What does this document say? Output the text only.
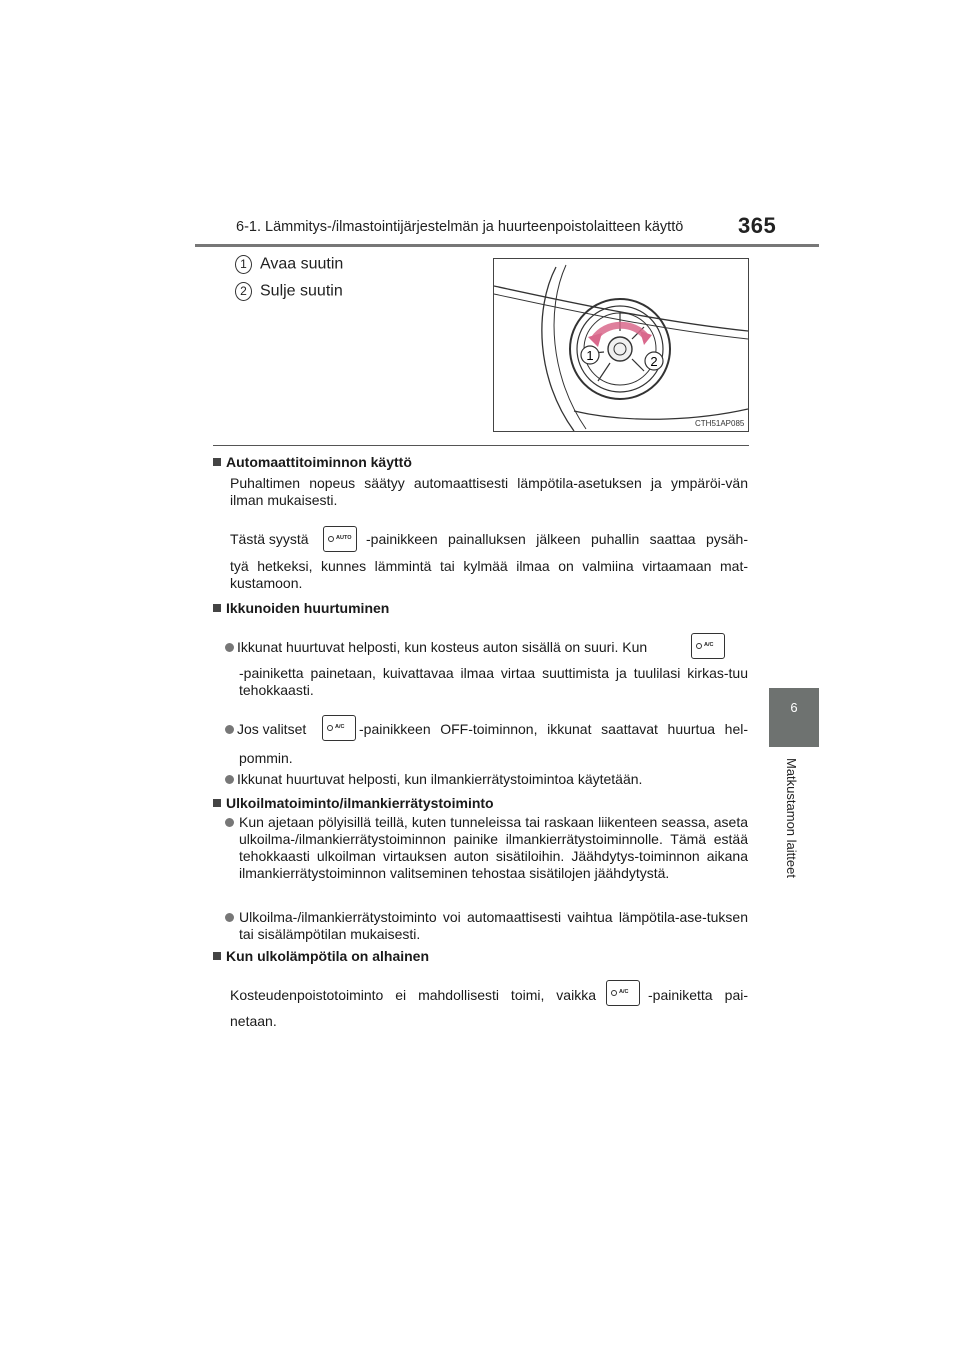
6-1. Lämmitys-/ilmastointijärjestelmän ja huurteenpoistolaitteen käyttö 365
6
Matkustamon laitteet
1 Avaa suutin
2 Sulje suutin
1	2
CTH51AP085
Automaattitoiminnon käyttö
Puhaltimen nopeus säätyy automaattisesti lämpötila-asetuksen ja ympäröi-vän ilman mukaisesti.
Tästä syystä	AUTO -painikkeen painalluksen jälkeen puhallin saattaa pysäh-
tyä hetkeksi, kunnes lämmintä tai kylmää ilmaa on valmiina virtaamaan mat-kustamoon.
Ikkunoiden huurtuminen
Ikkunat huurtuvat helposti, kun kosteus auton sisällä on suuri. Kun	A/C
-painiketta painetaan, kuivattavaa ilmaa virtaa suuttimista ja tuulilasi kirkas-tuu tehokkaasti.
Jos valitset	A/C -painikkeen OFF-toiminnon, ikkunat saattavat huurtua hel-
pommin.
Ikkunat huurtuvat helposti, kun ilmankierrätystoimintoa käytetään.
Ulkoilmatoiminto/ilmankierrätystoiminto
Kun ajetaan pölyisillä teillä, kuten tunneleissa tai raskaan liikenteen seassa, aseta ulkoilma-/ilmankierrätystoiminnon painike ilmankierrätystoiminnolle. Tämä estää tehokkaasti ulkoilman virtauksen auton sisätiloihin. Jäähdytys-toiminnon aikana ilmankierrätystoiminnon valitseminen tehostaa sisätilojen jäähdytystä.
Ulkoilma-/ilmankierrätystoiminto voi automaattisesti vaihtua lämpötila-ase-tuksen tai sisälämpötilan mukaisesti.
Kun ulkolämpötila on alhainen
Kosteudenpoistotoiminto ei mahdollisesti toimi, vaikka	A/C -painiketta pai-
netaan.
